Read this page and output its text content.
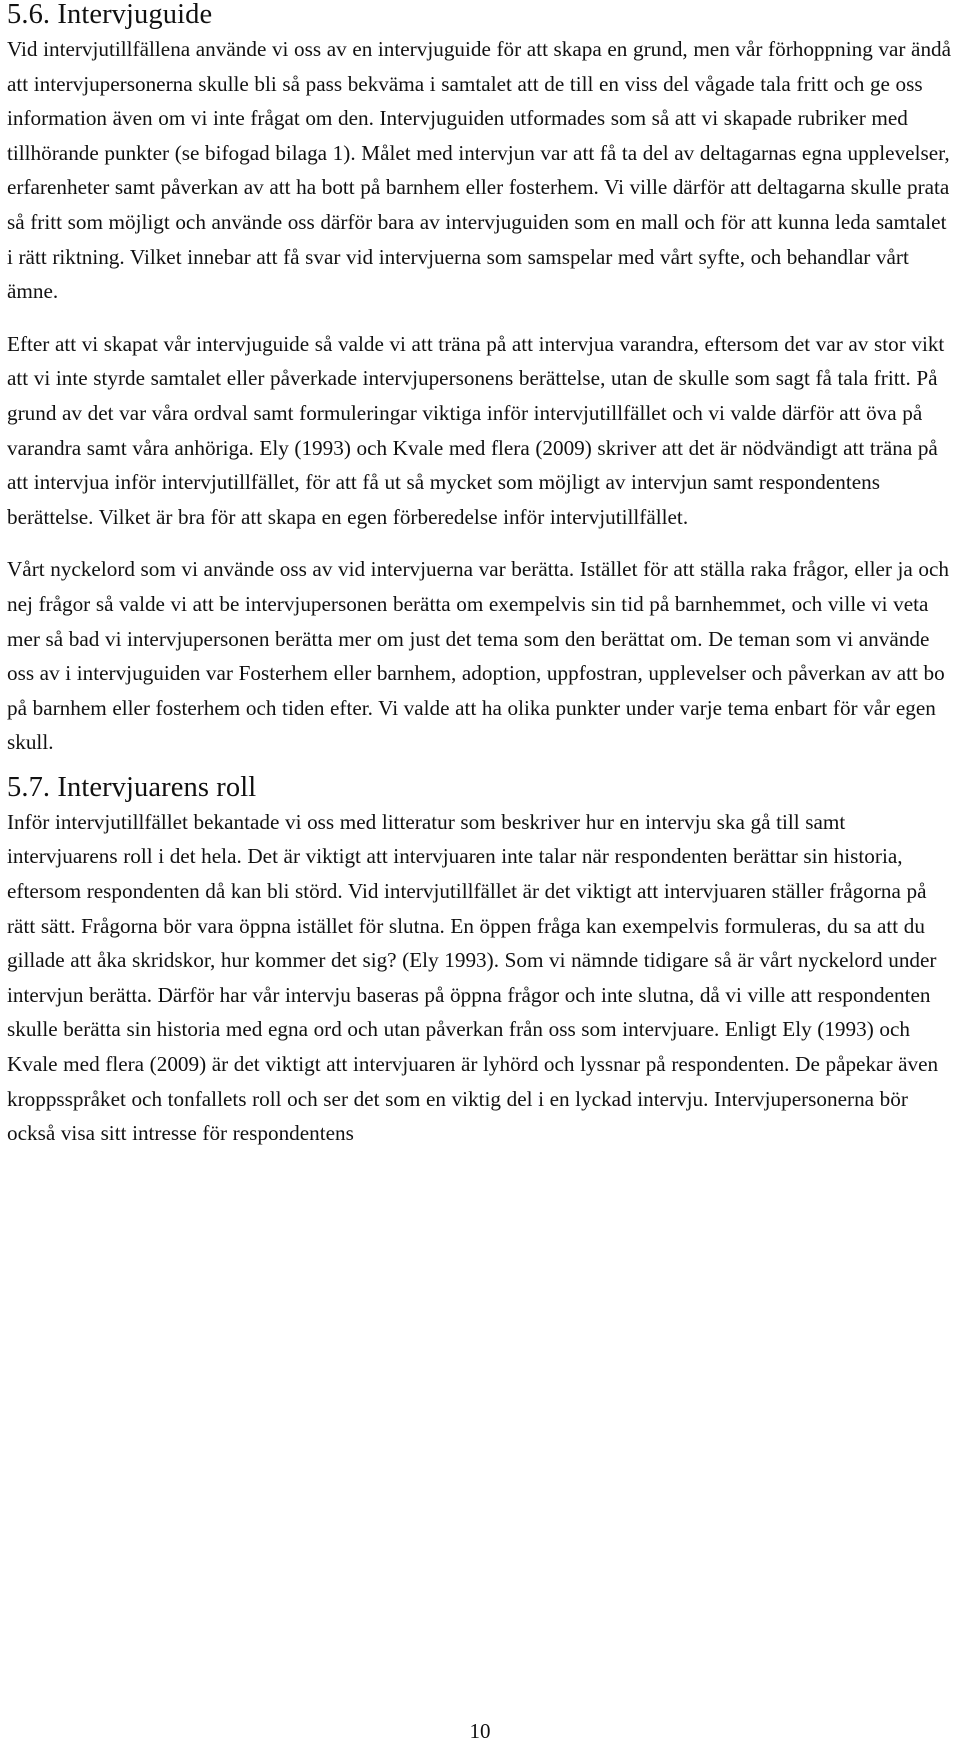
5.6. Intervjuguide

Vid intervjutillfällena använde vi oss av en intervjuguide för att skapa en grund, men vår förhoppning var ändå att intervjupersonerna skulle bli så pass bekväma i samtalet att de till en viss del vågade tala fritt och ge oss information även om vi inte frågat om den. Intervjuguiden utformades som så att vi skapade rubriker med tillhörande punkter (se bifogad bilaga 1). Målet med intervjun var att få ta del av deltagarnas egna upplevelser, erfarenheter samt påverkan av att ha bott på barnhem eller fosterhem. Vi ville därför att deltagarna skulle prata så fritt som möjligt och använde oss därför bara av intervjuguiden som en mall och för att kunna leda samtalet i rätt riktning. Vilket innebar att få svar vid intervjuerna som samspelar med vårt syfte, och behandlar vårt ämne.

Efter att vi skapat vår intervjuguide så valde vi att träna på att intervjua varandra, eftersom det var av stor vikt att vi inte styrde samtalet eller påverkade intervjupersonens berättelse, utan de skulle som sagt få tala fritt. På grund av det var våra ordval samt formuleringar viktiga inför intervjutillfället och vi valde därför att öva på varandra samt våra anhöriga. Ely (1993) och Kvale med flera (2009) skriver att det är nödvändigt att träna på att intervjua inför intervjutillfället, för att få ut så mycket som möjligt av intervjun samt respondentens berättelse. Vilket är bra för att skapa en egen förberedelse inför intervjutillfället.

Vårt nyckelord som vi använde oss av vid intervjuerna var berätta. Istället för att ställa raka frågor, eller ja och nej frågor så valde vi att be intervjupersonen berätta om exempelvis sin tid på barnhemmet, och ville vi veta mer så bad vi intervjupersonen berätta mer om just det tema som den berättat om. De teman som vi använde oss av i intervjuguiden var Fosterhem eller barnhem, adoption, uppfostran, upplevelser och påverkan av att bo på barnhem eller fosterhem och tiden efter. Vi valde att ha olika punkter under varje tema enbart för vår egen skull.

5.7. Intervjuarens roll

Inför intervjutillfället bekantade vi oss med litteratur som beskriver hur en intervju ska gå till samt intervjuarens roll i det hela. Det är viktigt att intervjuaren inte talar när respondenten berättar sin historia, eftersom respondenten då kan bli störd. Vid intervjutillfället är det viktigt att intervjuaren ställer frågorna på rätt sätt. Frågorna bör vara öppna istället för slutna. En öppen fråga kan exempelvis formuleras, du sa att du gillade att åka skridskor, hur kommer det sig? (Ely 1993). Som vi nämnde tidigare så är vårt nyckelord under intervjun berätta. Därför har vår intervju baseras på öppna frågor och inte slutna, då vi ville att respondenten skulle berätta sin historia med egna ord och utan påverkan från oss som intervjuare. Enligt Ely (1993) och Kvale med flera (2009) är det viktigt att intervjuaren är lyhörd och lyssnar på respondenten. De påpekar även kroppsspråket och tonfallets roll och ser det som en viktig del i en lyckad intervju. Intervjupersonerna bör också visa sitt intresse för respondentens

10
